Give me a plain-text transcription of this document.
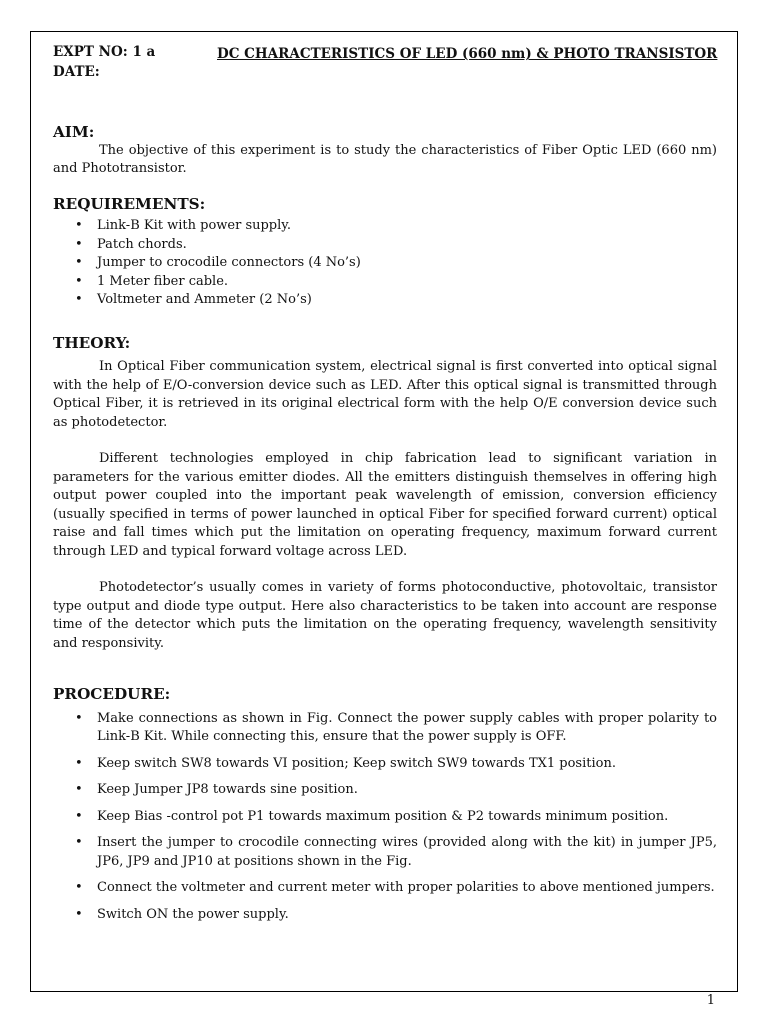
EXPT NO: 1 a
DATE:
DC CHARACTERISTICS OF LED (660 nm) & PHOTO TRANSISTOR
AIM:

The objective of this experiment is to study the characteristics of Fiber Optic LED (660 nm) and Phototransistor.

REQUIREMENTS:
• Link-B Kit with power supply.
• Patch chords.
• Jumper to crocodile connectors (4 No’s)
• 1 Meter fiber cable.
• Voltmeter and Ammeter (2 No’s)
THEORY:

In Optical Fiber communication system, electrical signal is first converted into optical signal with the help of E/O-conversion device such as LED. After this optical signal is transmitted through Optical Fiber, it is retrieved in its original electrical form with the help O/E conversion device such as photodetector.

Different technologies employed in chip fabrication lead to significant variation in parameters for the various emitter diodes. All the emitters distinguish themselves in offering high output power coupled into the important peak wavelength of emission, conversion efficiency (usually specified in terms of power launched in optical Fiber for specified forward current) optical raise and fall times which put the limitation on operating frequency, maximum forward current through LED and typical forward voltage across LED.

Photodetector’s usually comes in variety of forms photoconductive, photovoltaic, transistor type output and diode type output. Here also characteristics to be taken into account are response time of the detector which puts the limitation on the operating frequency, wavelength sensitivity and responsivity.

PROCEDURE:
• Make connections as shown in Fig. Connect the power supply cables with proper polarity to Link-B Kit. While connecting this, ensure that the power supply is OFF.
• Keep switch SW8 towards VI position; Keep switch SW9 towards TX1 position.
• Keep Jumper JP8 towards sine position.
• Keep Bias -control pot P1 towards maximum position & P2 towards minimum position.
• Insert the jumper to crocodile connecting wires (provided along with the kit) in jumper JP5, JP6, JP9 and JP10 at positions shown in the Fig.
• Connect the voltmeter and current meter with proper polarities to above mentioned jumpers.
• Switch ON the power supply.
1
